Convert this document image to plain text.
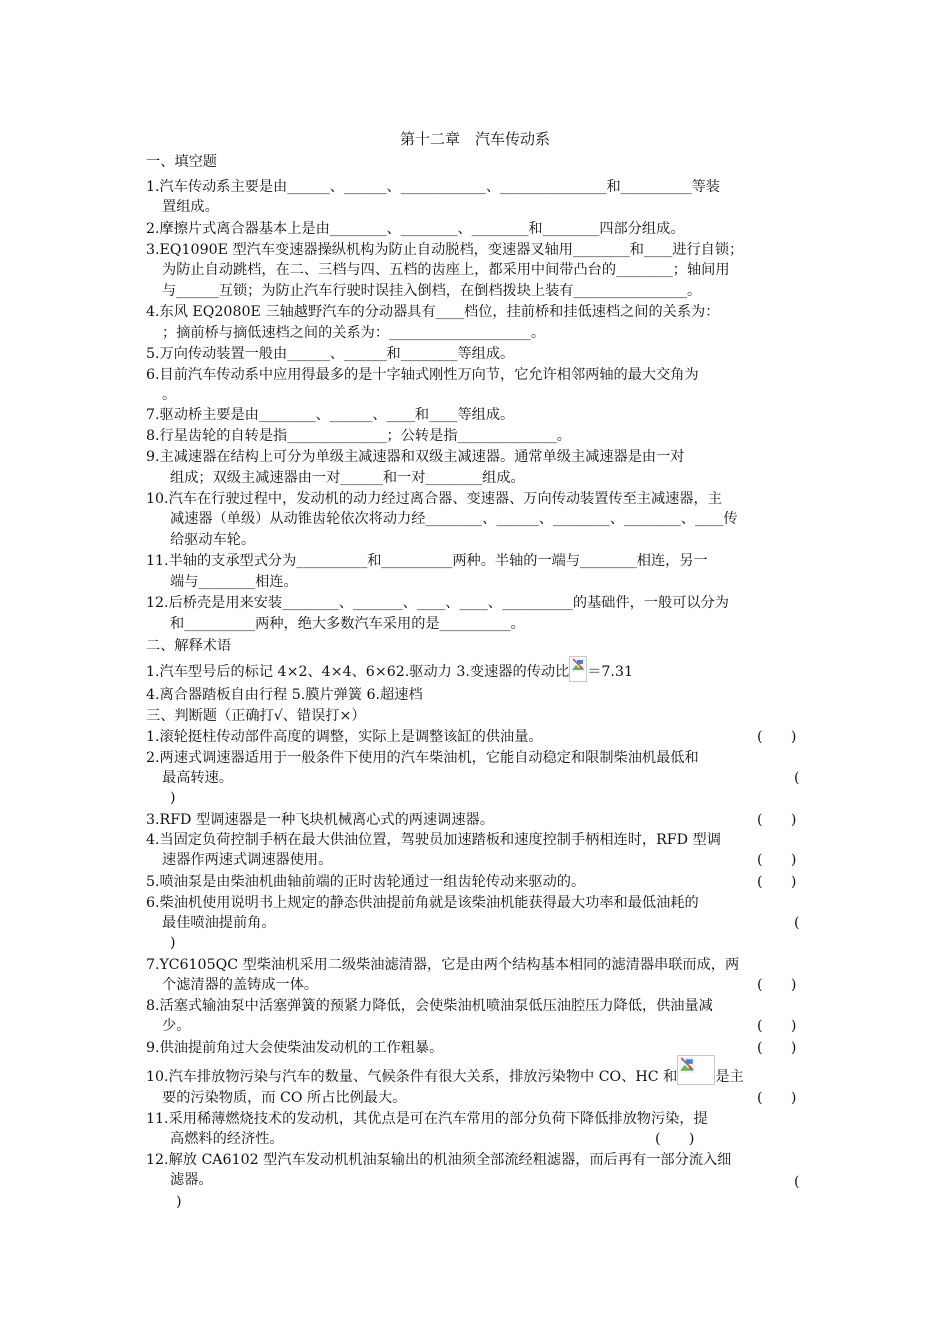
第十二章　汽车传动系
一、填空题
1.汽车传动系主要是由______、______、____________、_______________和__________等装
置组成。
2.摩擦片式离合器基本上是由________、________、________和________四部分组成。
3.EQ1090E 型汽车变速器操纵机构为防止自动脱档，变速器叉轴用________和____进行自锁；
为防止自动跳档，在二、三档与四、五档的齿座上，都采用中间带凸台的________；轴间用
与______互锁；为防止汽车行驶时误挂入倒档，在倒档拨块上装有________________。
4.东风 EQ2080E 三轴越野汽车的分动器具有____档位，挂前桥和挂低速档之间的关系为：
；摘前桥与摘低速档之间的关系为：____________________。
5.万向传动装置一般由______、______和________等组成。
6.目前汽车传动系中应用得最多的是十字轴式刚性万向节，它允许相邻两轴的最大交角为
。
7.驱动桥主要是由________、______、____和____等组成。
8.行星齿轮的自转是指______________；公转是指______________。
9.主减速器在结构上可分为单级主减速器和双级主减速器。通常单级主减速器是由一对
组成；双级主减速器由一对______和一对________组成。
10.汽车在行驶过程中，发动机的动力经过离合器、变速器、万向传动装置传至主减速器，主
减速器（单级）从动锥齿轮依次将动力经________、______、________、________、____传
给驱动车轮。
11.半轴的支承型式分为__________和__________两种。半轴的一端与________相连，另一
端与________相连。
12.后桥壳是用来安装________、_______、____、____、__________的基础件，一般可以分为
和__________两种，绝大多数汽车采用的是__________。
二、解释术语
1.汽车型号后的标记 4×2、4×4、6×62.驱动力 3.变速器的传动比 ＝7.31
4.离合器踏板自由行程 5.膜片弹簧 6.超速档
三、判断题（正确打√、错误打×）
1.滚轮挺柱传动部件高度的调整，实际上是调整该缸的供油量。	(　　)
2.两速式调速器适用于一般条件下使用的汽车柴油机，它能自动稳定和限制柴油机最低和
最高转速。	(
)
3.RFD 型调速器是一种飞块机械离心式的两速调速器。	(　　)
4.当固定负荷控制手柄在最大供油位置，驾驶员加速踏板和速度控制手柄相连时，RFD 型调
速器作两速式调速器使用。	(　　)
5.喷油泵是由柴油机曲轴前端的正时齿轮通过一组齿轮传动来驱动的。	(　　)
6.柴油机使用说明书上规定的静态供油提前角就是该柴油机能获得最大功率和最低油耗的
最佳喷油提前角。	(
)
7.YC6105QC 型柴油机采用二级柴油滤清器，它是由两个结构基本相同的滤清器串联而成，两
个滤清器的盖铸成一体。	(　　)
8.活塞式输油泵中活塞弹簧的预紧力降低，会使柴油机喷油泵低压油腔压力降低，供油量减
少。	(　　)
9.供油提前角过大会使柴油发动机的工作粗暴。	(　　)
10.汽车排放物污染与汽车的数量、气候条件有很大关系，排放污染物中 CO、HC 和	是主
要的污染物质，而 CO 所占比例最大。	(　　)
11.采用稀薄燃烧技术的发动机，其优点是可在汽车常用的部分负荷下降低排放物污染，提
高燃料的经济性。	(　　)
12.解放 CA6102 型汽车发动机机油泵输出的机油须全部流经粗滤器，而后再有一部分流入细
滤器。	(
)
